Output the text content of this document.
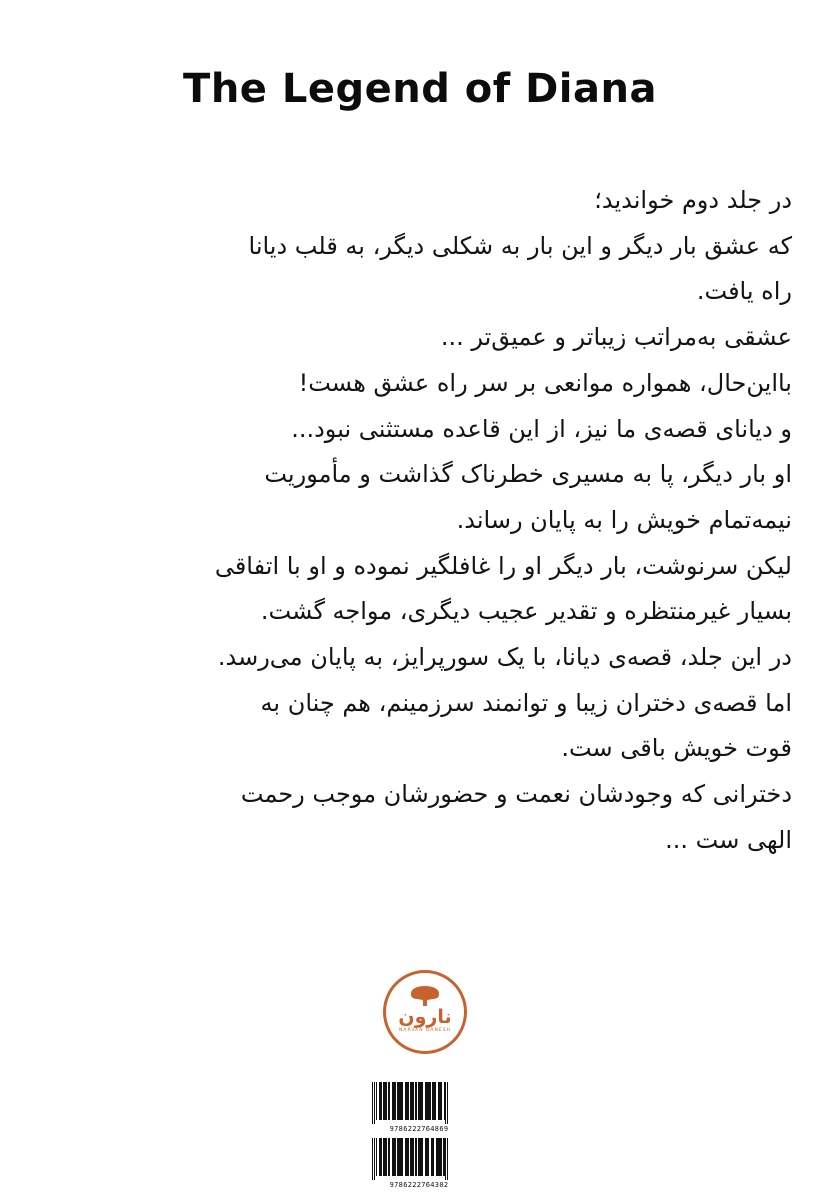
The Legend of Diana
در جلد دوم خواندید؛
که عشق بار دیگر و این بار به شکلی دیگر، به قلب دیانا
راه یافت.
عشقی به‌مراتب زیباتر و عمیق‌تر ...
بااین‌حال، همواره موانعی بر سر راه عشق هست!
و دیانای قصه‌ی ما نیز، از این قاعده مستثنی نبود...
او بار دیگر، پا به مسیری خطرناک گذاشت و مأموریت
نیمه‌تمام خویش را به پایان رساند.
لیکن سرنوشت، بار دیگر او را غافلگیر نموده و او با اتفاقی
بسیار غیرمنتظره و تقدیر عجیب دیگری، مواجه گشت.
در این جلد، قصه‌ی دیانا، با یک سورپرایز، به پایان می‌رسد.
اما قصه‌ی دختران زیبا و توانمند سرزمینم، هم چنان به
قوت خویش باقی ست.
دخترانی که وجودشان نعمت و حضورشان موجب رحمت
الهی ست ...
نارون
NARVAN DANESH
9786222764869
9786222764302
